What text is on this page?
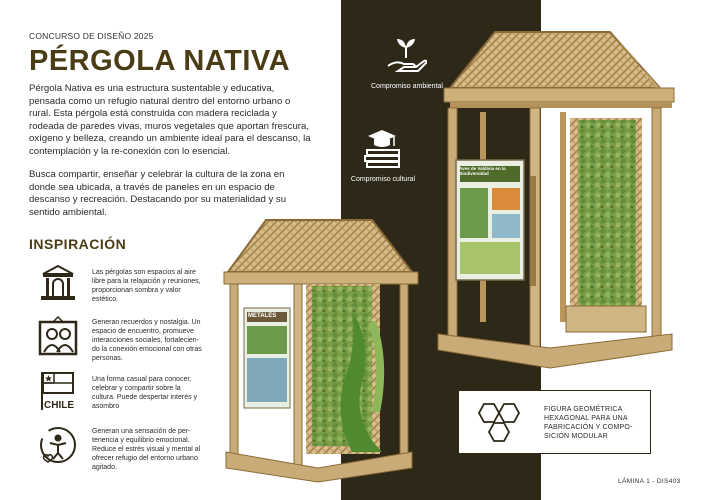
CONCURSO DE DISEÑO 2025
PÉRGOLA NATIVA
Pérgola Nativa es una estructura sustentable y educativa, pensada como un refugio natural dentro del entorno urbano o rural. Esta pérgola está construida con madera reciclada y rodeada de paredes vivas, muros vegetales que aportan frescura, oxígeno y belleza, creando un ambiente ideal para el descanso, la contemplación y la re-conexión con lo esencial.
Busca compartir, enseñar y celebrar la cultura de la zona en donde sea ubicada, a través de paneles en un espacio de descanso y recreación. Destacando por su materialidad y su sentido ambiental.
INSPIRACIÓN
Las pérgolas son espacios al aire libre para la relajación y reuniones, proporcionan sombra y valor estético.
Generan recuerdos y nostalgia. Un espacio de encuentro, promueve interacciones sociales, fortalecien-do la conexión emocional con otras personas.
CHILE
Una forma casual para conocer, celebrar y compartir sobre la cultura. Puede despertar interés y asombro
Generan una sensación de per-tenencia y equilibrio emocional. Reduce el estrés visual y mental al ofrecer refugio del entorno urbano agitado.
Compromiso ambiental
Compromiso cultural
Aves de Valdivia en la Biodiversidad
METALES
FIGURA GEOMÉTRICA HEXAGONAL PARA UNA FABRICACIÓN Y COMPO-SICIÓN MODULAR
LÁMINA 1 - DIS403
